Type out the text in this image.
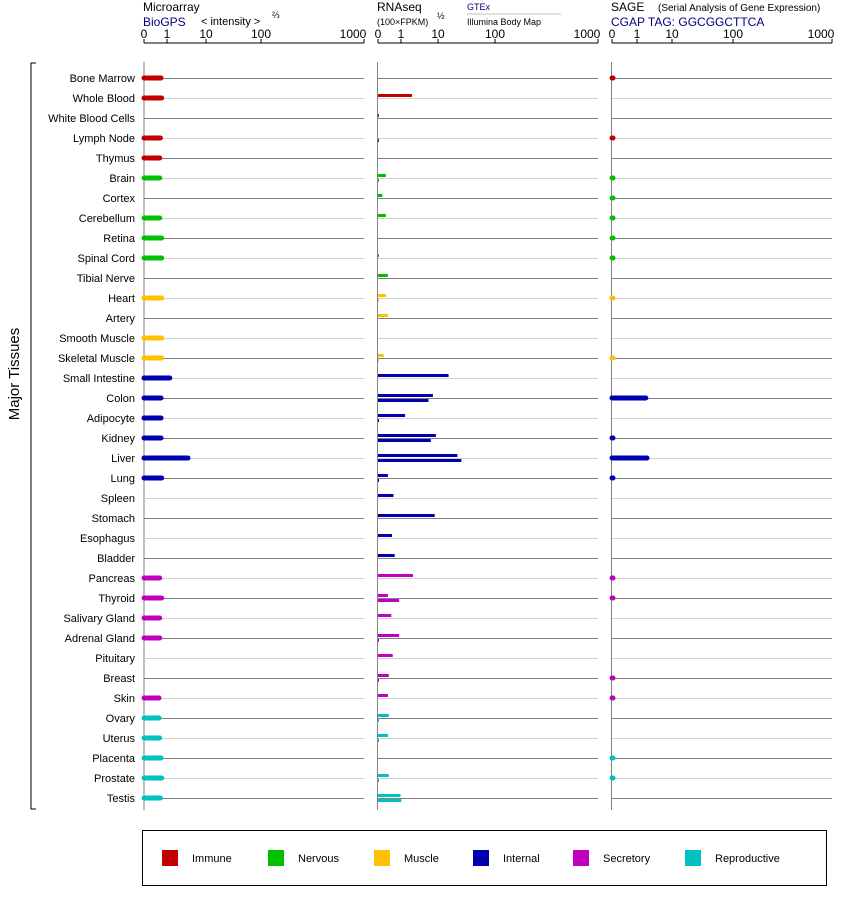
Microarray
BioGPS < intensity >
⅔
RNAseq
(100×FPKM)
½
GTEx
Illumina Body Map
SAGE (Serial Analysis of Gene Expression)
CGAP TAG: GGCGGCTTCA
0 1 10	100	1000 0 1 10	100	1000 0 1 10	100	1000
Major Tissues
Bone Marrow
Whole Blood
White Blood Cells
Lymph Node
Thymus
Brain
Cortex
Cerebellum
Retina
Spinal Cord
Tibial Nerve
Heart
Artery
Smooth Muscle
Skeletal Muscle
Small Intestine
Colon
Adipocyte
Kidney
Liver
Lung
Spleen
Stomach
Esophagus
Bladder
Pancreas
Thyroid
Salivary Gland
Adrenal Gland
Pituitary
Breast
Skin
Ovary
Uterus
Placenta
Prostate
Testis
Immune	Nervous	Muscle	Internal	Secretory	Reproductive
